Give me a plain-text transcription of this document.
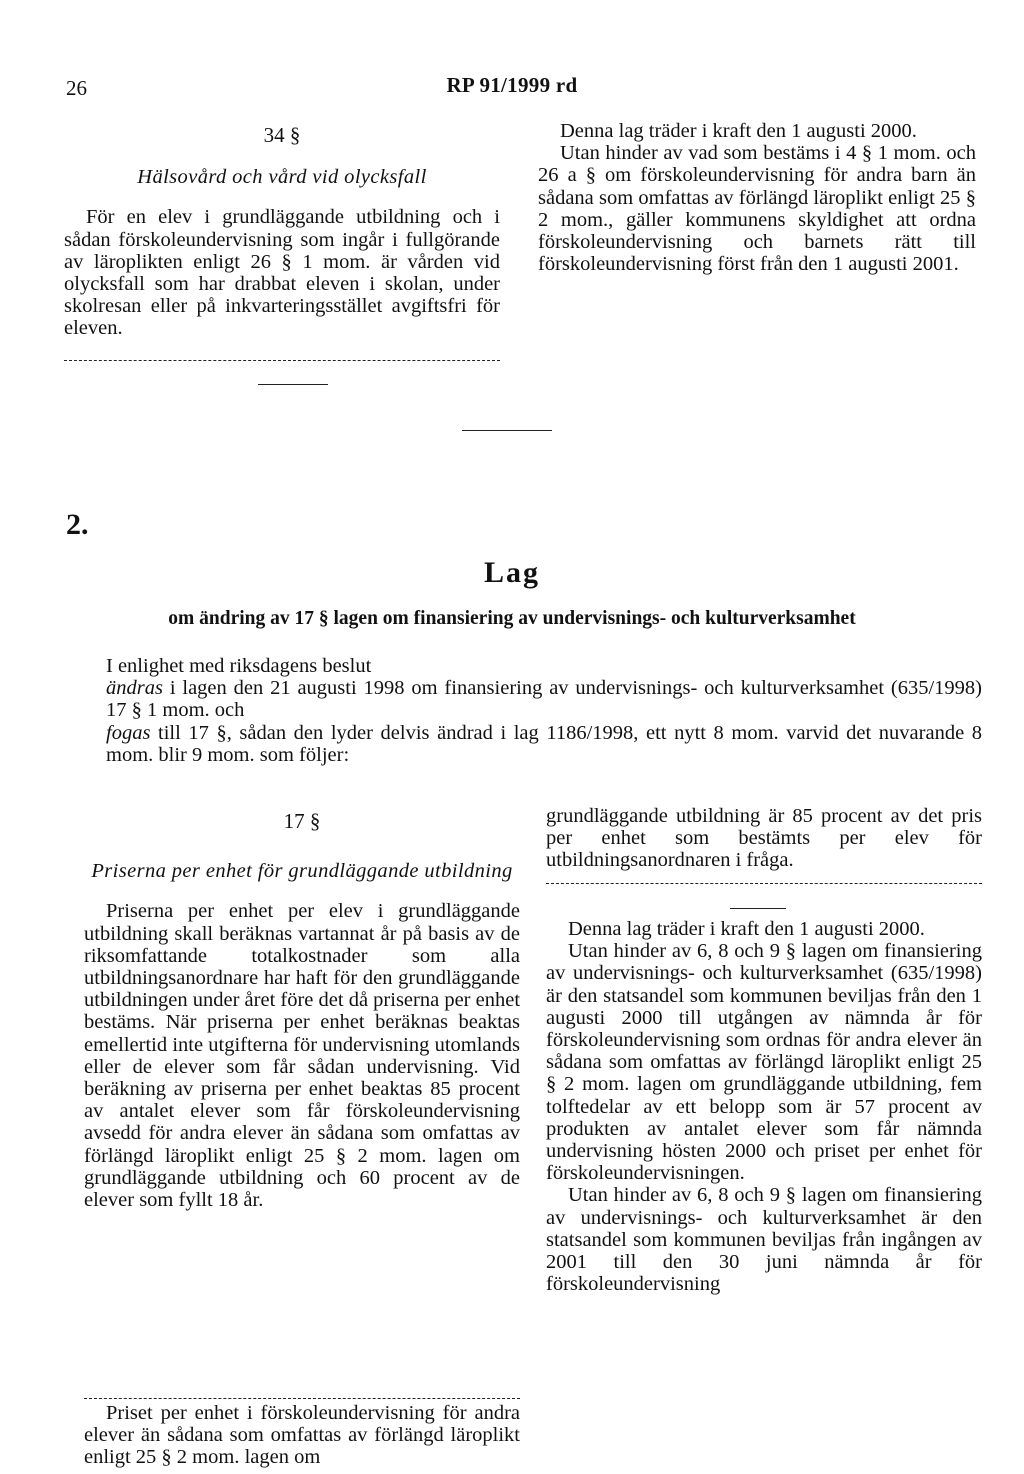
26	RP 91/1999 rd

34 §

Hälsovård och vård vid olycksfall

För en elev i grundläggande utbildning och i sådan förskoleundervisning som ingår i fullgörande av läroplikten enligt 26 § 1 mom. är vården vid olycksfall som har drabbat eleven i skolan, under skolresan eller på inkvarteringsstället avgiftsfri för eleven.

Denna lag träder i kraft den 1 augusti 2000.

Utan hinder av vad som bestäms i 4 § 1 mom. och 26 a § om förskoleundervisning för andra barn än sådana som omfattas av förlängd läroplikt enligt 25 § 2 mom., gäller kommunens skyldighet att ordna förskoleundervisning och barnets rätt till förskoleundervisning först från den 1 augusti 2001.

2.
Lag
om ändring av 17 § lagen om finansiering av undervisnings- och kulturverksamhet

I enlighet med riksdagens beslut

ändras i lagen den 21 augusti 1998 om finansiering av undervisnings- och kulturverksamhet (635/1998) 17 § 1 mom. och

fogas till 17 §, sådan den lyder delvis ändrad i lag 1186/1998, ett nytt 8 mom. varvid det nuvarande 8 mom. blir 9 mom. som följer:

17 §

Priserna per enhet för grundläggande utbildning

Priserna per enhet per elev i grundläggande utbildning skall beräknas vartannat år på basis av de riksomfattande totalkostnader som alla utbildningsanordnare har haft för den grundläggande utbildningen under året före det då priserna per enhet bestäms. När priserna per enhet beräknas beaktas emellertid inte utgifterna för undervisning utomlands eller de elever som får sådan undervisning. Vid beräkning av priserna per enhet beaktas 85 procent av antalet elever som får förskoleundervisning avsedd för andra elever än sådana som omfattas av förlängd läroplikt enligt 25 § 2 mom. lagen om grundläggande utbildning och 60 procent av de elever som fyllt 18 år.

Priset per enhet i förskoleundervisning för andra elever än sådana som omfattas av förlängd läroplikt enligt 25 § 2 mom. lagen om

grundläggande utbildning är 85 procent av det pris per enhet som bestämts per elev för utbildningsanordnaren i fråga.

Denna lag träder i kraft den 1 augusti 2000.

Utan hinder av 6, 8 och 9 § lagen om finansiering av undervisnings- och kulturverksamhet (635/1998) är den statsandel som kommunen beviljas från den 1 augusti 2000 till utgången av nämnda år för förskoleundervisning som ordnas för andra elever än sådana som omfattas av förlängd läroplikt enligt 25 § 2 mom. lagen om grundläggande utbildning, fem tolftedelar av ett belopp som är 57 procent av produkten av antalet elever som får nämnda undervisning hösten 2000 och priset per enhet för förskoleundervisningen.

Utan hinder av 6, 8 och 9 § lagen om finansiering av undervisnings- och kulturverksamhet är den statsandel som kommunen beviljas från ingången av 2001 till den 30 juni nämnda år för förskoleundervisning
